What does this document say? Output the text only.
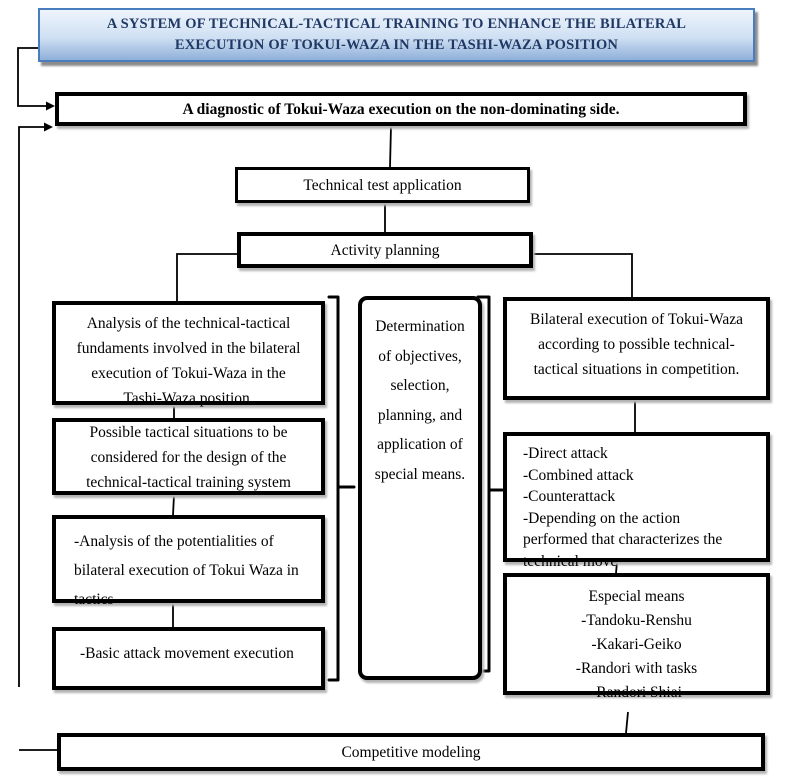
A SYSTEM OF TECHNICAL-TACTICAL TRAINING TO ENHANCE THE BILATERAL EXECUTION OF TOKUI-WAZA IN THE TASHI-WAZA POSITION
A diagnostic of Tokui-Waza execution on the non-dominating side.
Technical test application
Activity planning
Analysis of the technical-tactical
fundaments involved in the bilateral
execution of Tokui-Waza in the
Tashi-Waza position.
Possible tactical situations to be
considered for the design of the
technical-tactical training system
-Analysis of the potentialities of
bilateral execution of Tokui Waza in
tactics
-Basic attack movement execution
Determination
of objectives,
selection,
planning, and
application of
special means.
Bilateral execution of Tokui-Waza
according to possible technical-
tactical situations in competition.
-Direct attack
-Combined attack
-Counterattack
-Depending on the action
performed that characterizes the
technical move
Especial means
-Tandoku-Renshu
-Kakari-Geiko
-Randori with tasks
-Randori Shiai
Competitive modeling
